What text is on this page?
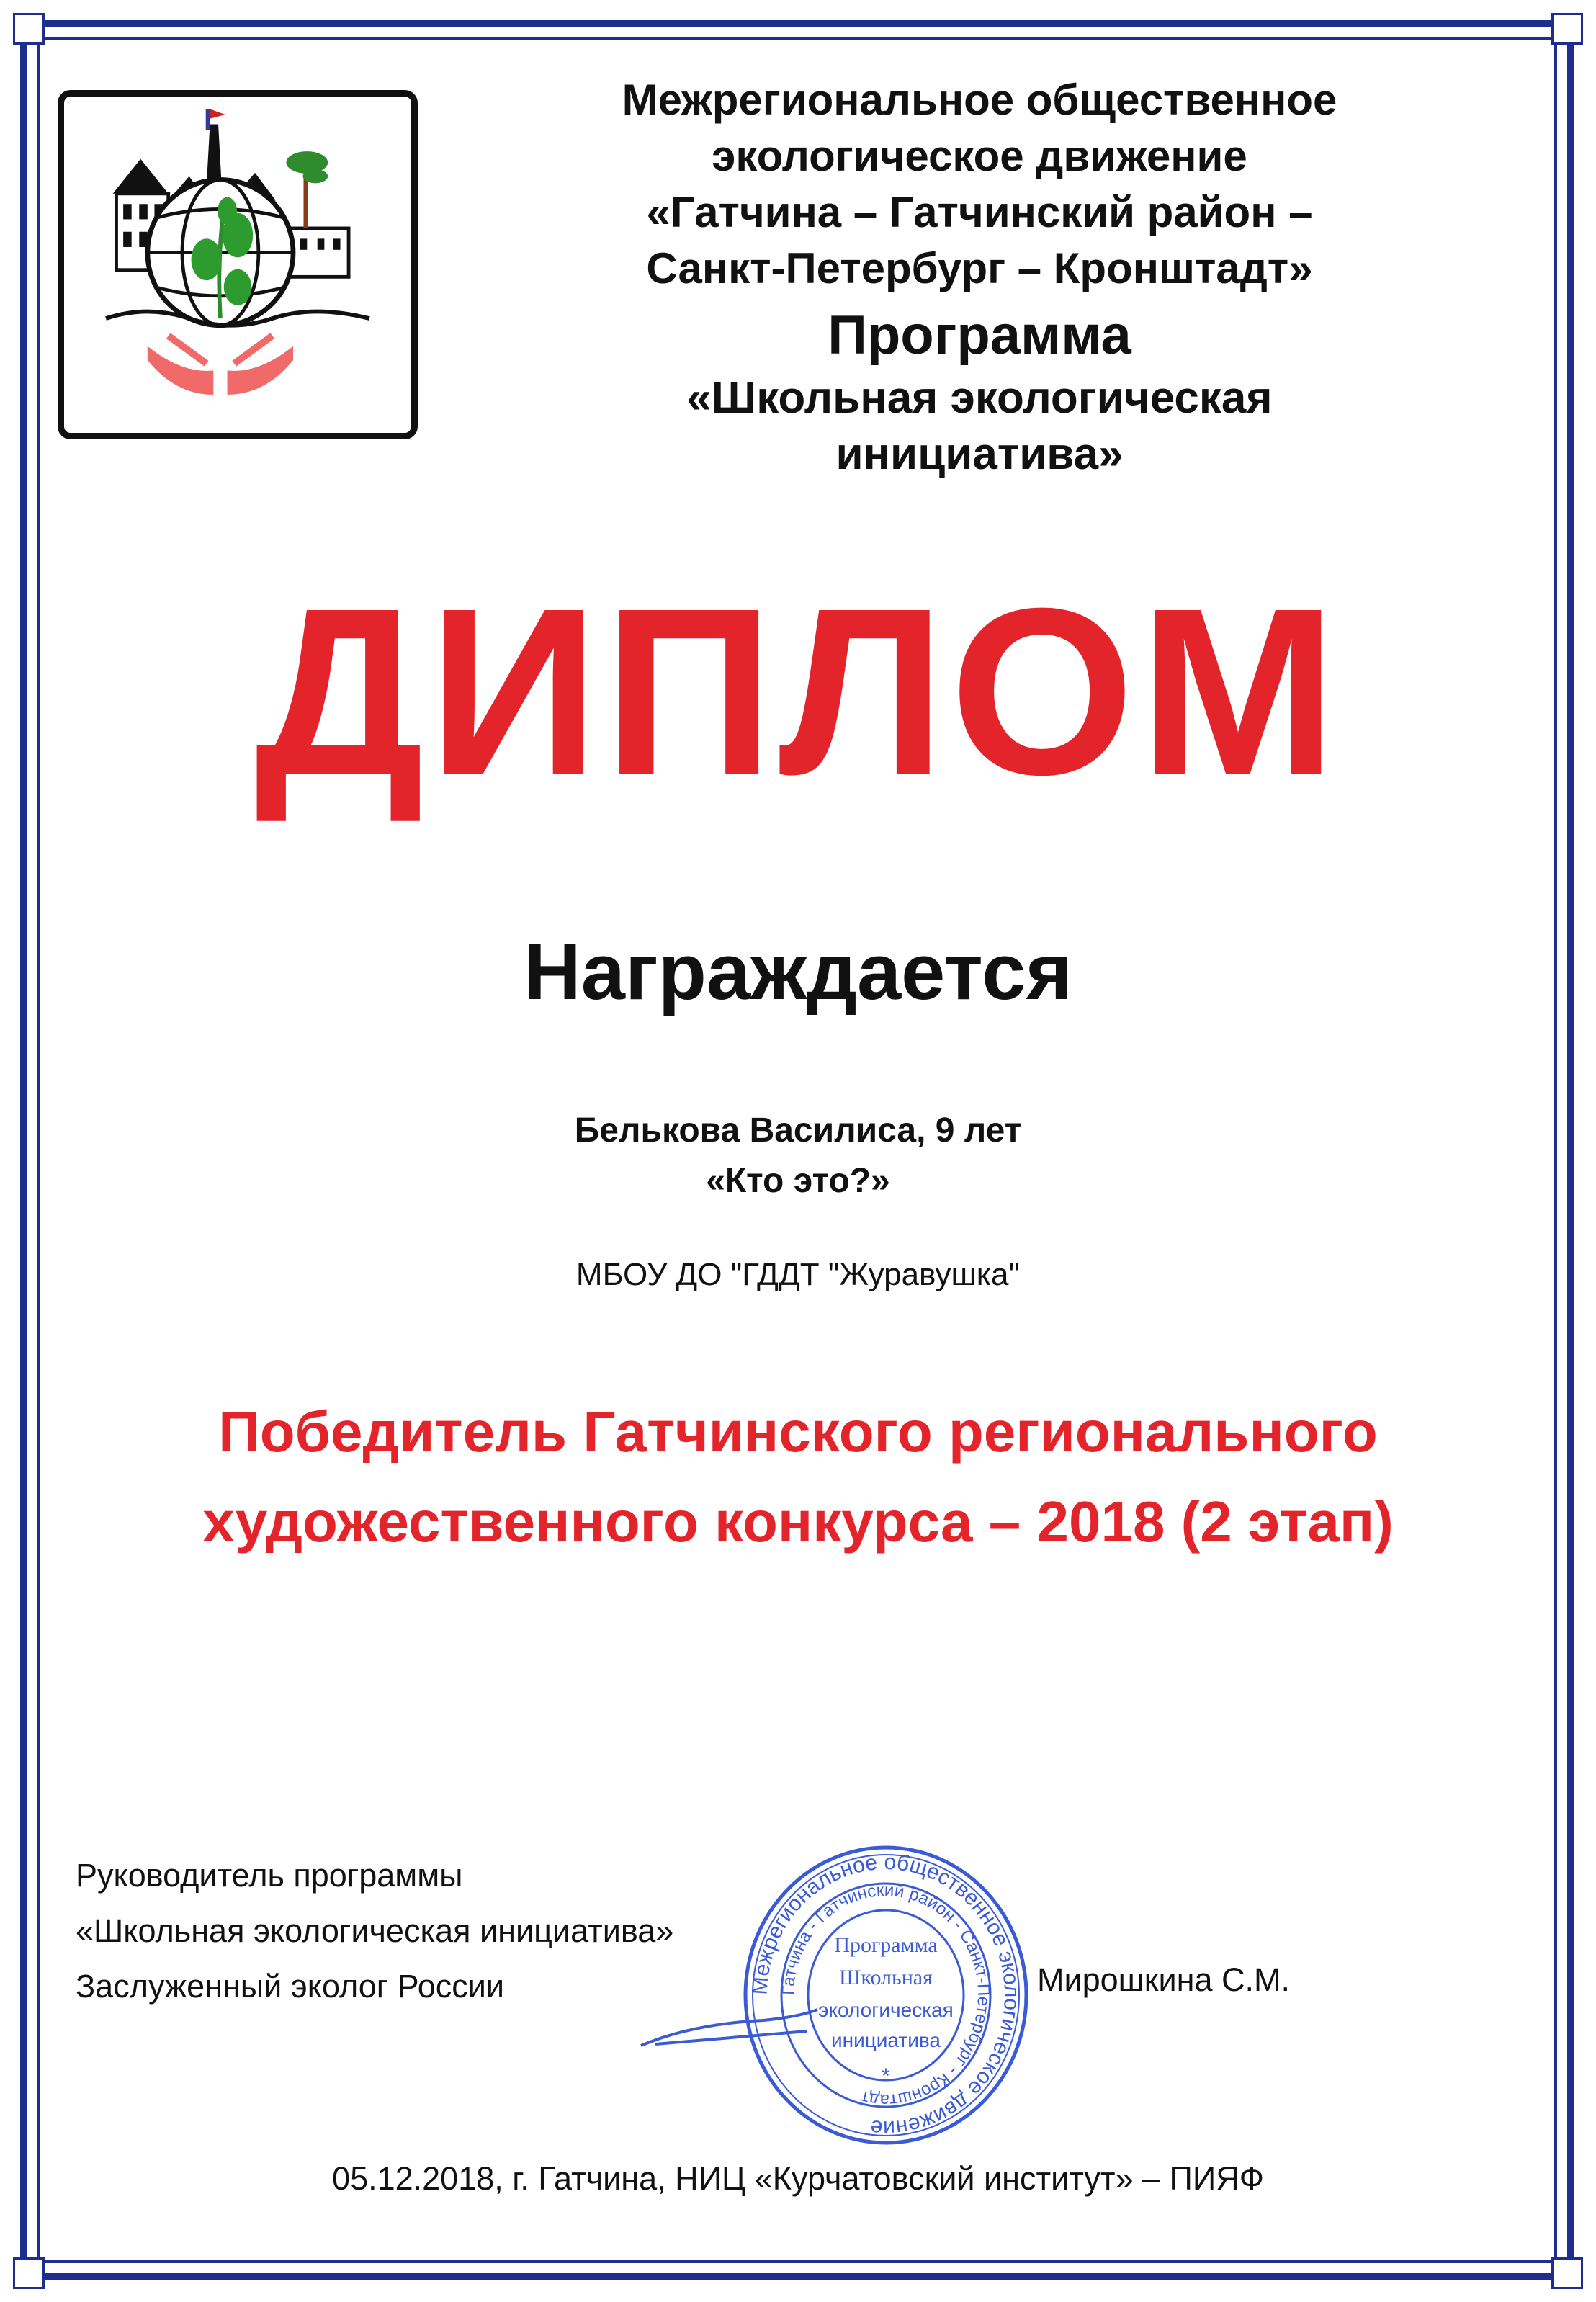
Межрегиональное общественное
экологическое движение
«Гатчина – Гатчинский район –
Санкт-Петербург – Кронштадт»
Программа
«Школьная экологическая
инициатива»
ДИПЛОМ
Награждается
Белькова Василиса, 9 лет
«Кто это?»
МБОУ ДО "ГДДТ "Журавушка"
Победитель Гатчинского регионального
художественного конкурса – 2018 (2 этап)
Руководитель программы
«Школьная экологическая инициатива»
Заслуженный эколог России	Межрегиональное общественное экологическое движение
Гатчина - Гатчинский район - Санкт-Петербург - Кронштадт
Программа
Школьная
экологическая
инициатива
*
Мирошкина С.М.
05.12.2018, г. Гатчина, НИЦ «Курчатовский институт» – ПИЯФ
